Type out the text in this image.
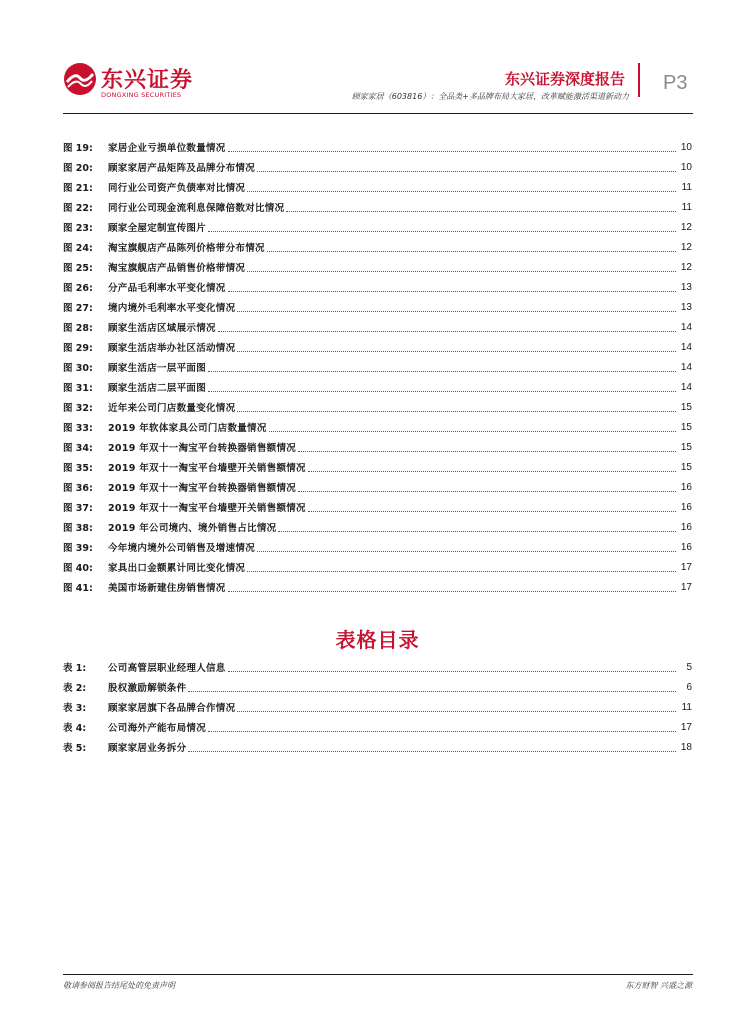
东兴证券
DONGXING SECURITIES
东兴证券深度报告
顾家家居（603816）：全品类+多品牌布局大家居，改革赋能激活渠道新动力
P3
图 19:	家居企业亏损单位数量情况	10
图 20:	顾家家居产品矩阵及品牌分布情况	10
图 21:	同行业公司资产负债率对比情况	11
图 22:	同行业公司现金流利息保障倍数对比情况	11
图 23:	顾家全屋定制宣传图片	12
图 24:	淘宝旗舰店产品陈列价格带分布情况	12
图 25:	淘宝旗舰店产品销售价格带情况	12
图 26:	分产品毛利率水平变化情况	13
图 27:	境内境外毛利率水平变化情况	13
图 28:	顾家生活店区域展示情况	14
图 29:	顾家生活店举办社区活动情况	14
图 30:	顾家生活店一层平面图	14
图 31:	顾家生活店二层平面图	14
图 32:	近年来公司门店数量变化情况	15
图 33:	2019 年软体家具公司门店数量情况	15
图 34:	2019 年双十一淘宝平台转换器销售额情况	15
图 35:	2019 年双十一淘宝平台墙壁开关销售额情况	15
图 36:	2019 年双十一淘宝平台转换器销售额情况	16
图 37:	2019 年双十一淘宝平台墙壁开关销售额情况	16
图 38:	2019 年公司境内、境外销售占比情况	16
图 39:	今年境内境外公司销售及增速情况	16
图 40:	家具出口金额累计同比变化情况	17
图 41:	美国市场新建住房销售情况	17
表格目录
表 1:	公司高管层职业经理人信息	5
表 2:	股权激励解锁条件	6
表 3:	顾家家居旗下各品牌合作情况	11
表 4:	公司海外产能布局情况	17
表 5:	顾家家居业务拆分	18
敬请参阅报告结尾处的免责声明	东方财智 兴盛之源
